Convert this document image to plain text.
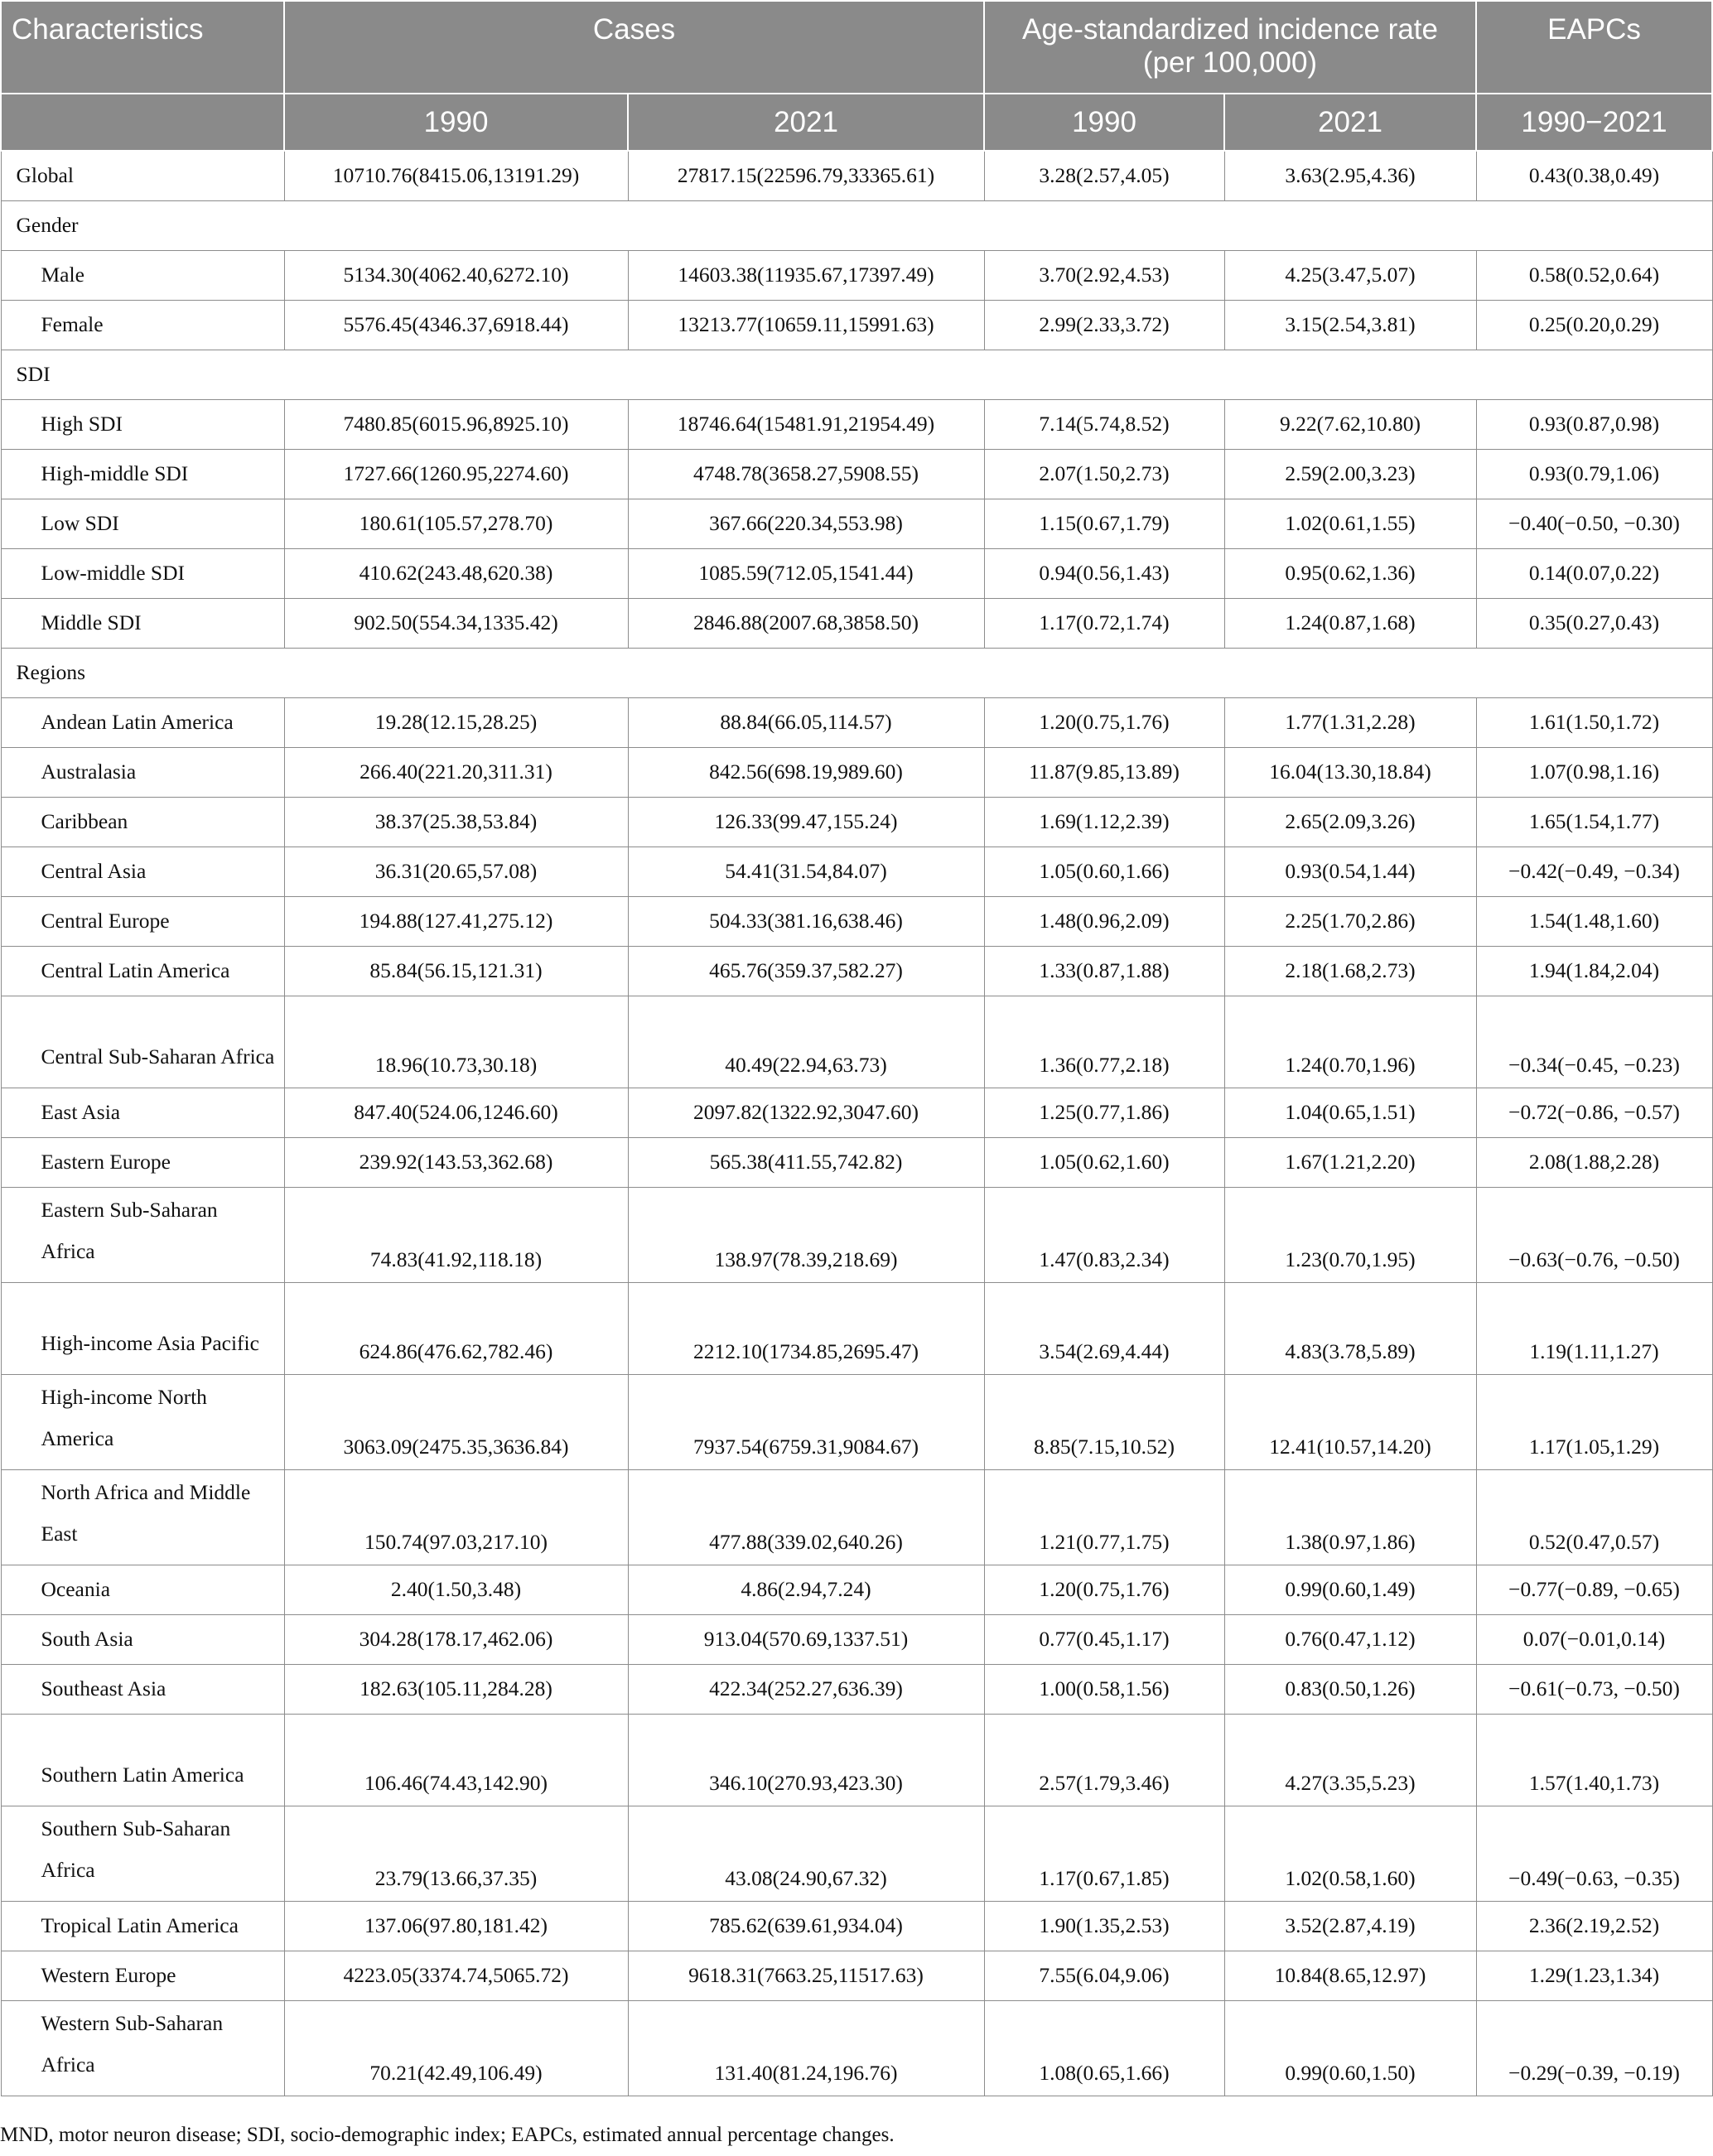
Characteristics	Cases		Age-standardized incidence rate (per 100,000)		EAPCs
	1990	2021	1990	2021	1990−2021
Global	10710.76(8415.06,13191.29)	27817.15(22596.79,33365.61)	3.28(2.57,4.05)	3.63(2.95,4.36)	0.43(0.38,0.49)
Gender					
Male	5134.30(4062.40,6272.10)	14603.38(11935.67,17397.49)	3.70(2.92,4.53)	4.25(3.47,5.07)	0.58(0.52,0.64)
Female	5576.45(4346.37,6918.44)	13213.77(10659.11,15991.63)	2.99(2.33,3.72)	3.15(2.54,3.81)	0.25(0.20,0.29)
SDI					
High SDI	7480.85(6015.96,8925.10)	18746.64(15481.91,21954.49)	7.14(5.74,8.52)	9.22(7.62,10.80)	0.93(0.87,0.98)
High-middle SDI	1727.66(1260.95,2274.60)	4748.78(3658.27,5908.55)	2.07(1.50,2.73)	2.59(2.00,3.23)	0.93(0.79,1.06)
Low SDI	180.61(105.57,278.70)	367.66(220.34,553.98)	1.15(0.67,1.79)	1.02(0.61,1.55)	−0.40(−0.50, −0.30)
Low-middle SDI	410.62(243.48,620.38)	1085.59(712.05,1541.44)	0.94(0.56,1.43)	0.95(0.62,1.36)	0.14(0.07,0.22)
Middle SDI	902.50(554.34,1335.42)	2846.88(2007.68,3858.50)	1.17(0.72,1.74)	1.24(0.87,1.68)	0.35(0.27,0.43)
Regions					
Andean Latin America	19.28(12.15,28.25)	88.84(66.05,114.57)	1.20(0.75,1.76)	1.77(1.31,2.28)	1.61(1.50,1.72)
Australasia	266.40(221.20,311.31)	842.56(698.19,989.60)	11.87(9.85,13.89)	16.04(13.30,18.84)	1.07(0.98,1.16)
Caribbean	38.37(25.38,53.84)	126.33(99.47,155.24)	1.69(1.12,2.39)	2.65(2.09,3.26)	1.65(1.54,1.77)
Central Asia	36.31(20.65,57.08)	54.41(31.54,84.07)	1.05(0.60,1.66)	0.93(0.54,1.44)	−0.42(−0.49, −0.34)
Central Europe	194.88(127.41,275.12)	504.33(381.16,638.46)	1.48(0.96,2.09)	2.25(1.70,2.86)	1.54(1.48,1.60)
Central Latin America	85.84(56.15,121.31)	465.76(359.37,582.27)	1.33(0.87,1.88)	2.18(1.68,2.73)	1.94(1.84,2.04)
Central Sub-Saharan Africa	18.96(10.73,30.18)	40.49(22.94,63.73)	1.36(0.77,2.18)	1.24(0.70,1.96)	−0.34(−0.45, −0.23)
East Asia	847.40(524.06,1246.60)	2097.82(1322.92,3047.60)	1.25(0.77,1.86)	1.04(0.65,1.51)	−0.72(−0.86, −0.57)
Eastern Europe	239.92(143.53,362.68)	565.38(411.55,742.82)	1.05(0.62,1.60)	1.67(1.21,2.20)	2.08(1.88,2.28)
Eastern Sub-Saharan Africa	74.83(41.92,118.18)	138.97(78.39,218.69)	1.47(0.83,2.34)	1.23(0.70,1.95)	−0.63(−0.76, −0.50)
High-income Asia Pacific	624.86(476.62,782.46)	2212.10(1734.85,2695.47)	3.54(2.69,4.44)	4.83(3.78,5.89)	1.19(1.11,1.27)
High-income North America	3063.09(2475.35,3636.84)	7937.54(6759.31,9084.67)	8.85(7.15,10.52)	12.41(10.57,14.20)	1.17(1.05,1.29)
North Africa and Middle East	150.74(97.03,217.10)	477.88(339.02,640.26)	1.21(0.77,1.75)	1.38(0.97,1.86)	0.52(0.47,0.57)
Oceania	2.40(1.50,3.48)	4.86(2.94,7.24)	1.20(0.75,1.76)	0.99(0.60,1.49)	−0.77(−0.89, −0.65)
South Asia	304.28(178.17,462.06)	913.04(570.69,1337.51)	0.77(0.45,1.17)	0.76(0.47,1.12)	0.07(−0.01,0.14)
Southeast Asia	182.63(105.11,284.28)	422.34(252.27,636.39)	1.00(0.58,1.56)	0.83(0.50,1.26)	−0.61(−0.73, −0.50)
Southern Latin America	106.46(74.43,142.90)	346.10(270.93,423.30)	2.57(1.79,3.46)	4.27(3.35,5.23)	1.57(1.40,1.73)
Southern Sub-Saharan Africa	23.79(13.66,37.35)	43.08(24.90,67.32)	1.17(0.67,1.85)	1.02(0.58,1.60)	−0.49(−0.63, −0.35)
Tropical Latin America	137.06(97.80,181.42)	785.62(639.61,934.04)	1.90(1.35,2.53)	3.52(2.87,4.19)	2.36(2.19,2.52)
Western Europe	4223.05(3374.74,5065.72)	9618.31(7663.25,11517.63)	7.55(6.04,9.06)	10.84(8.65,12.97)	1.29(1.23,1.34)
Western Sub-Saharan Africa	70.21(42.49,106.49)	131.40(81.24,196.76)	1.08(0.65,1.66)	0.99(0.60,1.50)	−0.29(−0.39, −0.19)
MND, motor neuron disease; SDI, socio-demographic index; EAPCs, estimated annual percentage changes.
